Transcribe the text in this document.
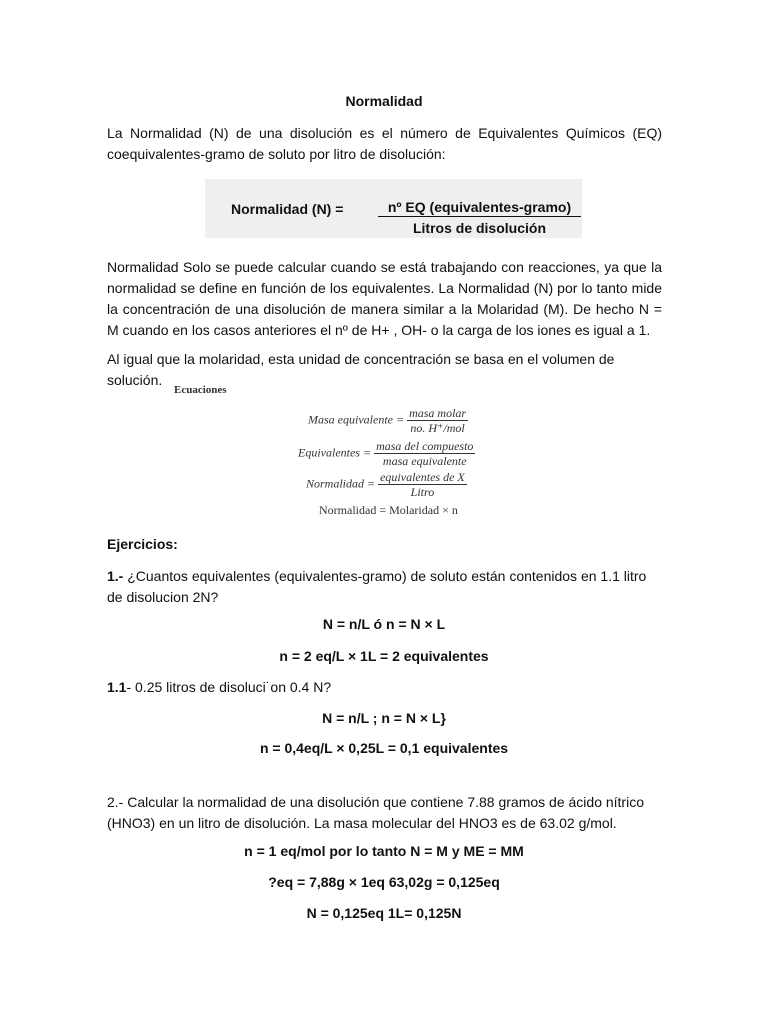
Normalidad
La Normalidad (N) de una disolución es el número de Equivalentes Químicos (EQ) coequivalentes-gramo de soluto por litro de disolución:
Normalidad (N) =	nº EQ (equivalentes-gramo)
Litros de disolución
Normalidad Solo se puede calcular cuando se está trabajando con reacciones, ya que la normalidad se define en función de los equivalentes. La Normalidad (N) por lo tanto mide la concentración de una disolución de manera similar a la Molaridad (M). De hecho N = M cuando en los casos anteriores el nº de H+ , OH- o la carga de los iones es igual a 1.
Al igual que la molaridad, esta unidad de concentración se basa en el volumen de solución.
Ecuaciones
Masa equivalente = $\frac{\text{masa molar}}{\text{no. H⁺/mol}}$
Equivalentes = $\frac{\text{masa del compuesto}}{\text{masa equivalente}}$
Normalidad = $\frac{\text{equivalentes de X}}{\text{Litro}}$
Normalidad = Molaridad × n
Ejercicios:
1.- ¿Cuantos equivalentes (equivalentes-gramo) de soluto están contenidos en 1.1 litro de disolucion 2N?
N = n/L ó n = N × L
n = 2 eq/L × 1L = 2 equivalentes
1.1- 0.25 litros de disoluci˙on 0.4 N?
N = n/L ; n = N × L}
n = 0,4eq/L × 0,25L = 0,1 equivalentes
2.- Calcular la normalidad de una disolución que contiene 7.88 gramos de ácido nítrico (HNO3) en un litro de disolución. La masa molecular del HNO3 es de 63.02 g/mol.
n = 1 eq/mol por lo tanto N = M y ME = MM
?eq = 7,88g × 1eq 63,02g = 0,125eq
N = 0,125eq 1L= 0,125N
